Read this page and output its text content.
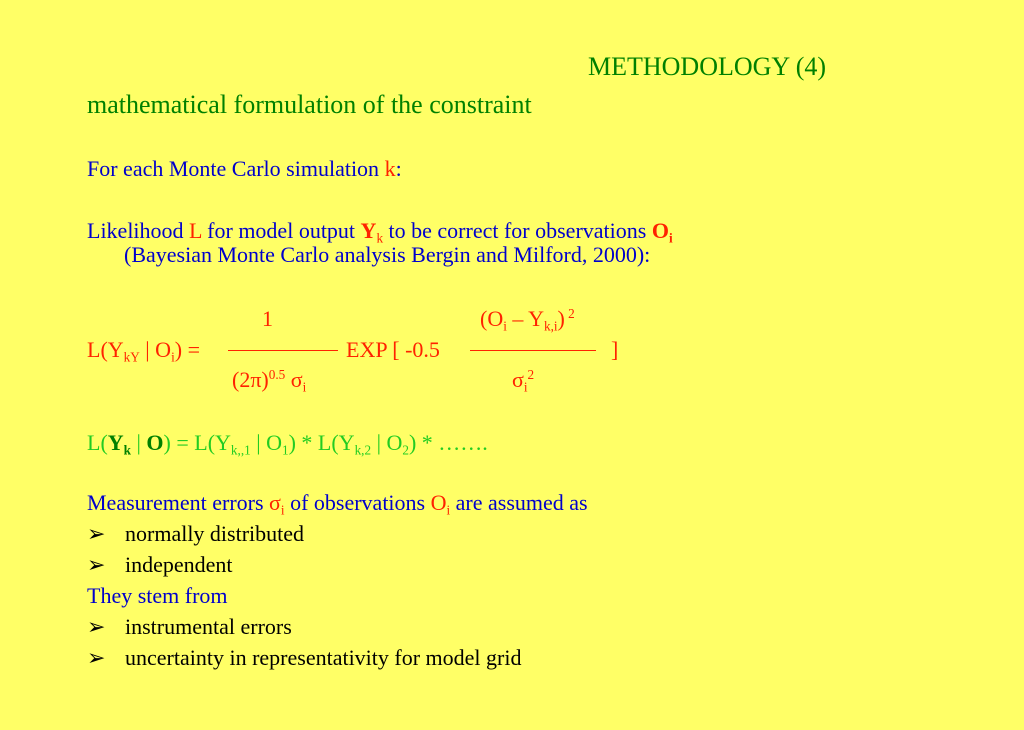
METHODOLOGY (4)
mathematical formulation of the constraint
For each Monte Carlo simulation k:
Likelihood L for model output $Y_k$ to be correct for observations $O_i$
(Bayesian Monte Carlo analysis Bergin and Milford, 2000):
1	$(O_i - Y_{k,i})$ $^2$
$L(Y_{kY}$ | $O_i$) =	EXP [ -0.5	]
$(2\pi)^{0.5}$ $\sigma_i$	$\sigma_i^2$
$L(Y_k$ | $O) = L(Y_{k,,1}$ | $O_1) * L(Y_{k,2}$ | $O_2$) * …….
Measurement errors $\sigma_i$ of observations $O_i$ are assumed as
➢ normally distributed
➢ independent
They stem from
➢ instrumental errors
➢ uncertainty in representativity for model grid
